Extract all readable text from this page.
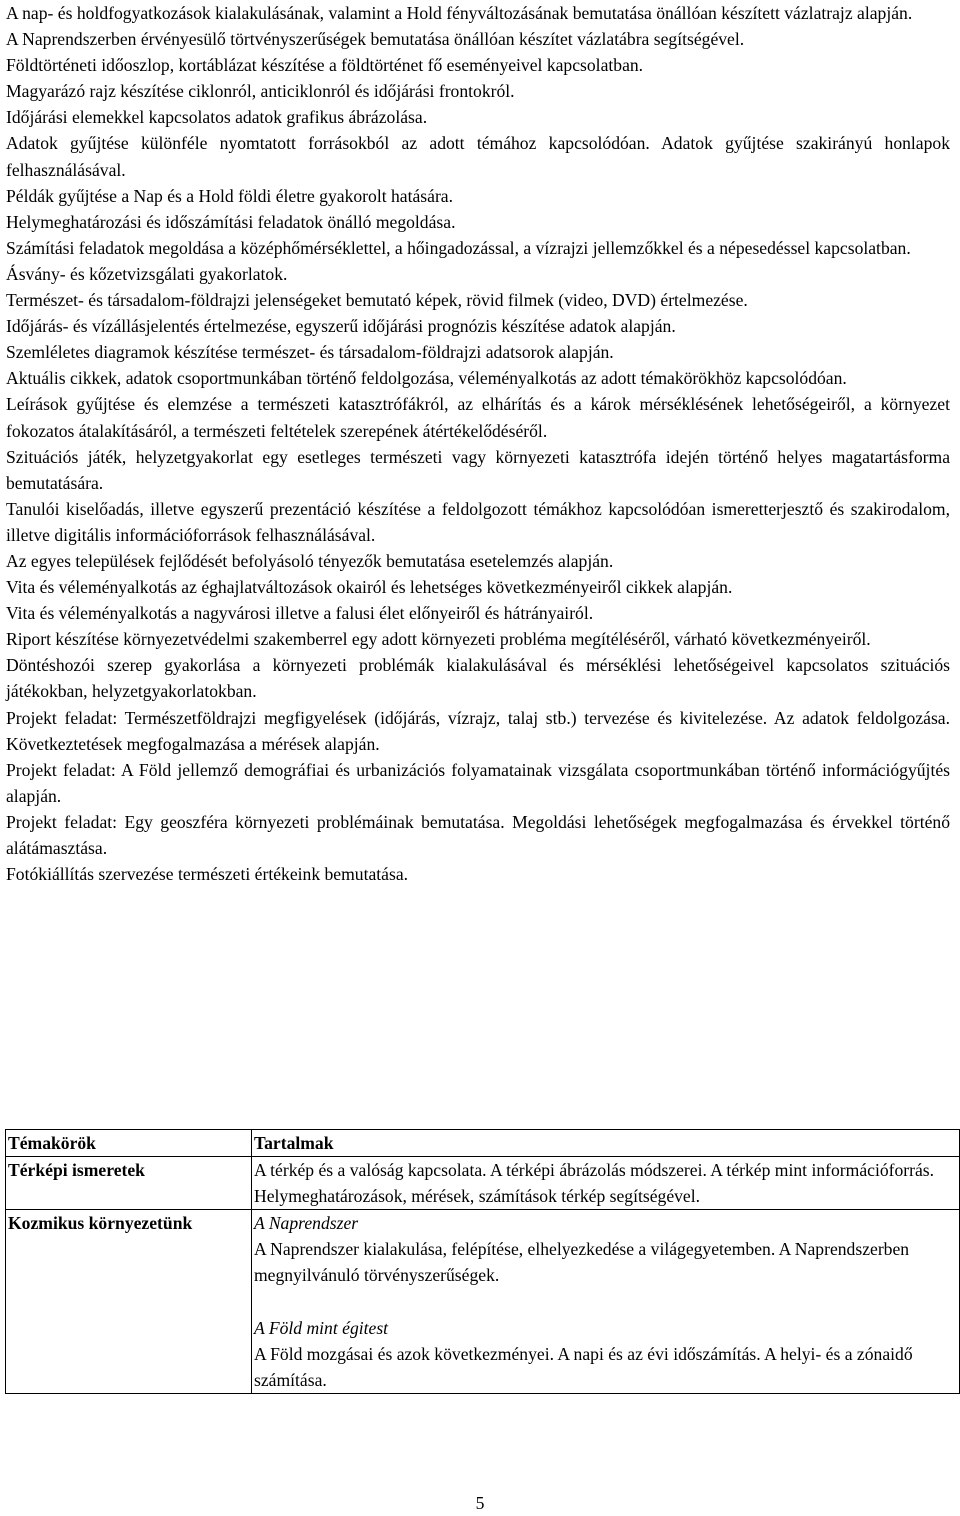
A nap- és holdfogyatkozások kialakulásának, valamint a Hold fényváltozásának bemutatása önállóan készített vázlatrajz alapján.

A Naprendszerben érvényesülő törtvényszerűségek bemutatása önállóan készítet vázlatábra segítségével.

Földtörténeti időoszlop, kortáblázat készítése a földtörténet fő eseményeivel kapcsolatban.

Magyarázó rajz készítése ciklonról, anticiklonról és időjárási frontokról.

Időjárási elemekkel kapcsolatos adatok grafikus ábrázolása.

Adatok gyűjtése különféle nyomtatott forrásokból az adott témához kapcsolódóan. Adatok gyűjtése szakirányú honlapok felhasználásával.

Példák gyűjtése a Nap és a Hold földi életre gyakorolt hatására.

Helymeghatározási és időszámítási feladatok önálló megoldása.

Számítási feladatok megoldása a középhőmérséklettel, a hőingadozással, a vízrajzi jellemzőkkel és a népesedéssel kapcsolatban.

Ásvány- és kőzetvizsgálati gyakorlatok.

Természet- és társadalom-földrajzi jelenségeket bemutató képek, rövid filmek (video, DVD) értelmezése.

Időjárás- és vízállásjelentés értelmezése, egyszerű időjárási prognózis készítése adatok alapján.

Szemléletes diagramok készítése természet- és társadalom-földrajzi adatsorok alapján.

Aktuális cikkek, adatok csoportmunkában történő feldolgozása, véleményalkotás az adott témakörökhöz kapcsolódóan.

Leírások gyűjtése és elemzése a természeti katasztrófákról, az elhárítás és a károk mérséklésének lehetőségeiről, a környezet fokozatos átalakításáról, a természeti feltételek szerepének átértékelődéséről.

Szituációs játék, helyzetgyakorlat egy esetleges természeti vagy környezeti katasztrófa idején történő helyes magatartásforma bemutatására.

Tanulói kiselőadás, illetve egyszerű prezentáció készítése a feldolgozott témákhoz kapcsolódóan ismeretterjesztő és szakirodalom, illetve digitális információforrások felhasználásával.

Az egyes települések fejlődését befolyásoló tényezők bemutatása esetelemzés alapján.

Vita és véleményalkotás az éghajlatváltozások okairól és lehetséges következményeiről cikkek alapján.

Vita és véleményalkotás a nagyvárosi illetve a falusi élet előnyeiről és hátrányairól.

Riport készítése környezetvédelmi szakemberrel egy adott környezeti probléma megítéléséről, várható következményeiről.

Döntéshozói szerep gyakorlása a környezeti problémák kialakulásával és mérséklési lehetőségeivel kapcsolatos szituációs játékokban, helyzetgyakorlatokban.

Projekt feladat: Természetföldrajzi megfigyelések (időjárás, vízrajz, talaj stb.) tervezése és kivitelezése. Az adatok feldolgozása. Következtetések megfogalmazása a mérések alapján.

Projekt feladat: A Föld jellemző demográfiai és urbanizációs folyamatainak vizsgálata csoportmunkában történő információgyűjtés alapján.

Projekt feladat: Egy geoszféra környezeti problémáinak bemutatása. Megoldási lehetőségek megfogalmazása és érvekkel történő alátámasztása.

Fotókiállítás szervezése természeti értékeink bemutatása.

Témakörök	Tartalmak
Térképi ismeretek	A térkép és a valóság kapcsolata. A térképi ábrázolás módszerei. A térkép mint információforrás. Helymeghatározások, mérések, számítások térkép segítségével.
Kozmikus környezetünk	A Naprendszer
A Naprendszer kialakulása, felépítése, elhelyezkedése a világegyetemben. A Naprendszerben megnyilvánuló törvényszerűségek.
A Föld mint égitest
A Föld mozgásai és azok következményei. A napi és az évi időszámítás. A helyi- és a zónaidő számítása.
5
